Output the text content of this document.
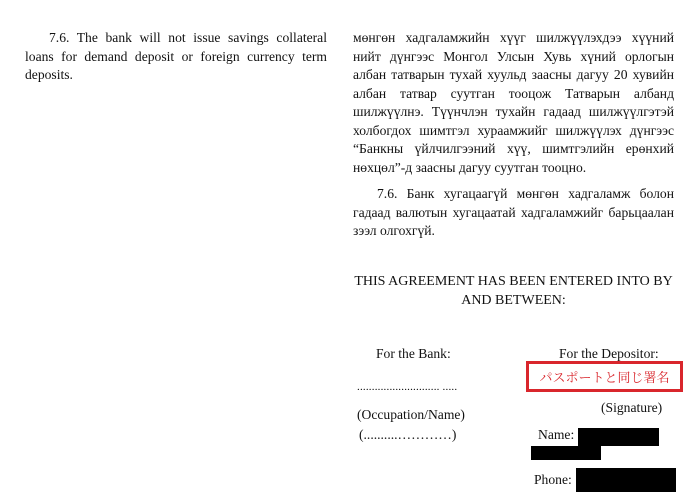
7.6. The bank will not issue savings collateral loans for demand deposit or foreign currency term deposits.

мөнгөн хадгаламжийн хүүг шилжүүлэхдээ хүүний нийт дүнгээс Монгол Улсын Хувь хүний орлогын албан татварын тухай хуульд заасны дагуу 20 хувийн албан татвар суутган тооцож Татварын албанд шилжүүлнэ. Түүнчлэн тухайн гадаад шилжүүлгэтэй холбогдох шимтгэл хураамжийг шилжүүлэх дүнгээс “Банкны үйлчилгээний хүү, шимтгэлийн ерөнхий нөхцөл”-д заасны дагуу суутган тооцно.

7.6. Банк хугацаагүй мөнгөн хадгаламж болон гадаад валютын хугацаатай хадгаламжийг барьцаалан зээл олгохгүй.

THIS AGREEMENT HAS BEEN ENTERED INTO BY AND BETWEEN:
For the Bank:	For the Depositor:
パスポートと同じ署名
............................ .....
(Signature)
(Occupation/Name)
(..........…………)	Name:
Phone:
